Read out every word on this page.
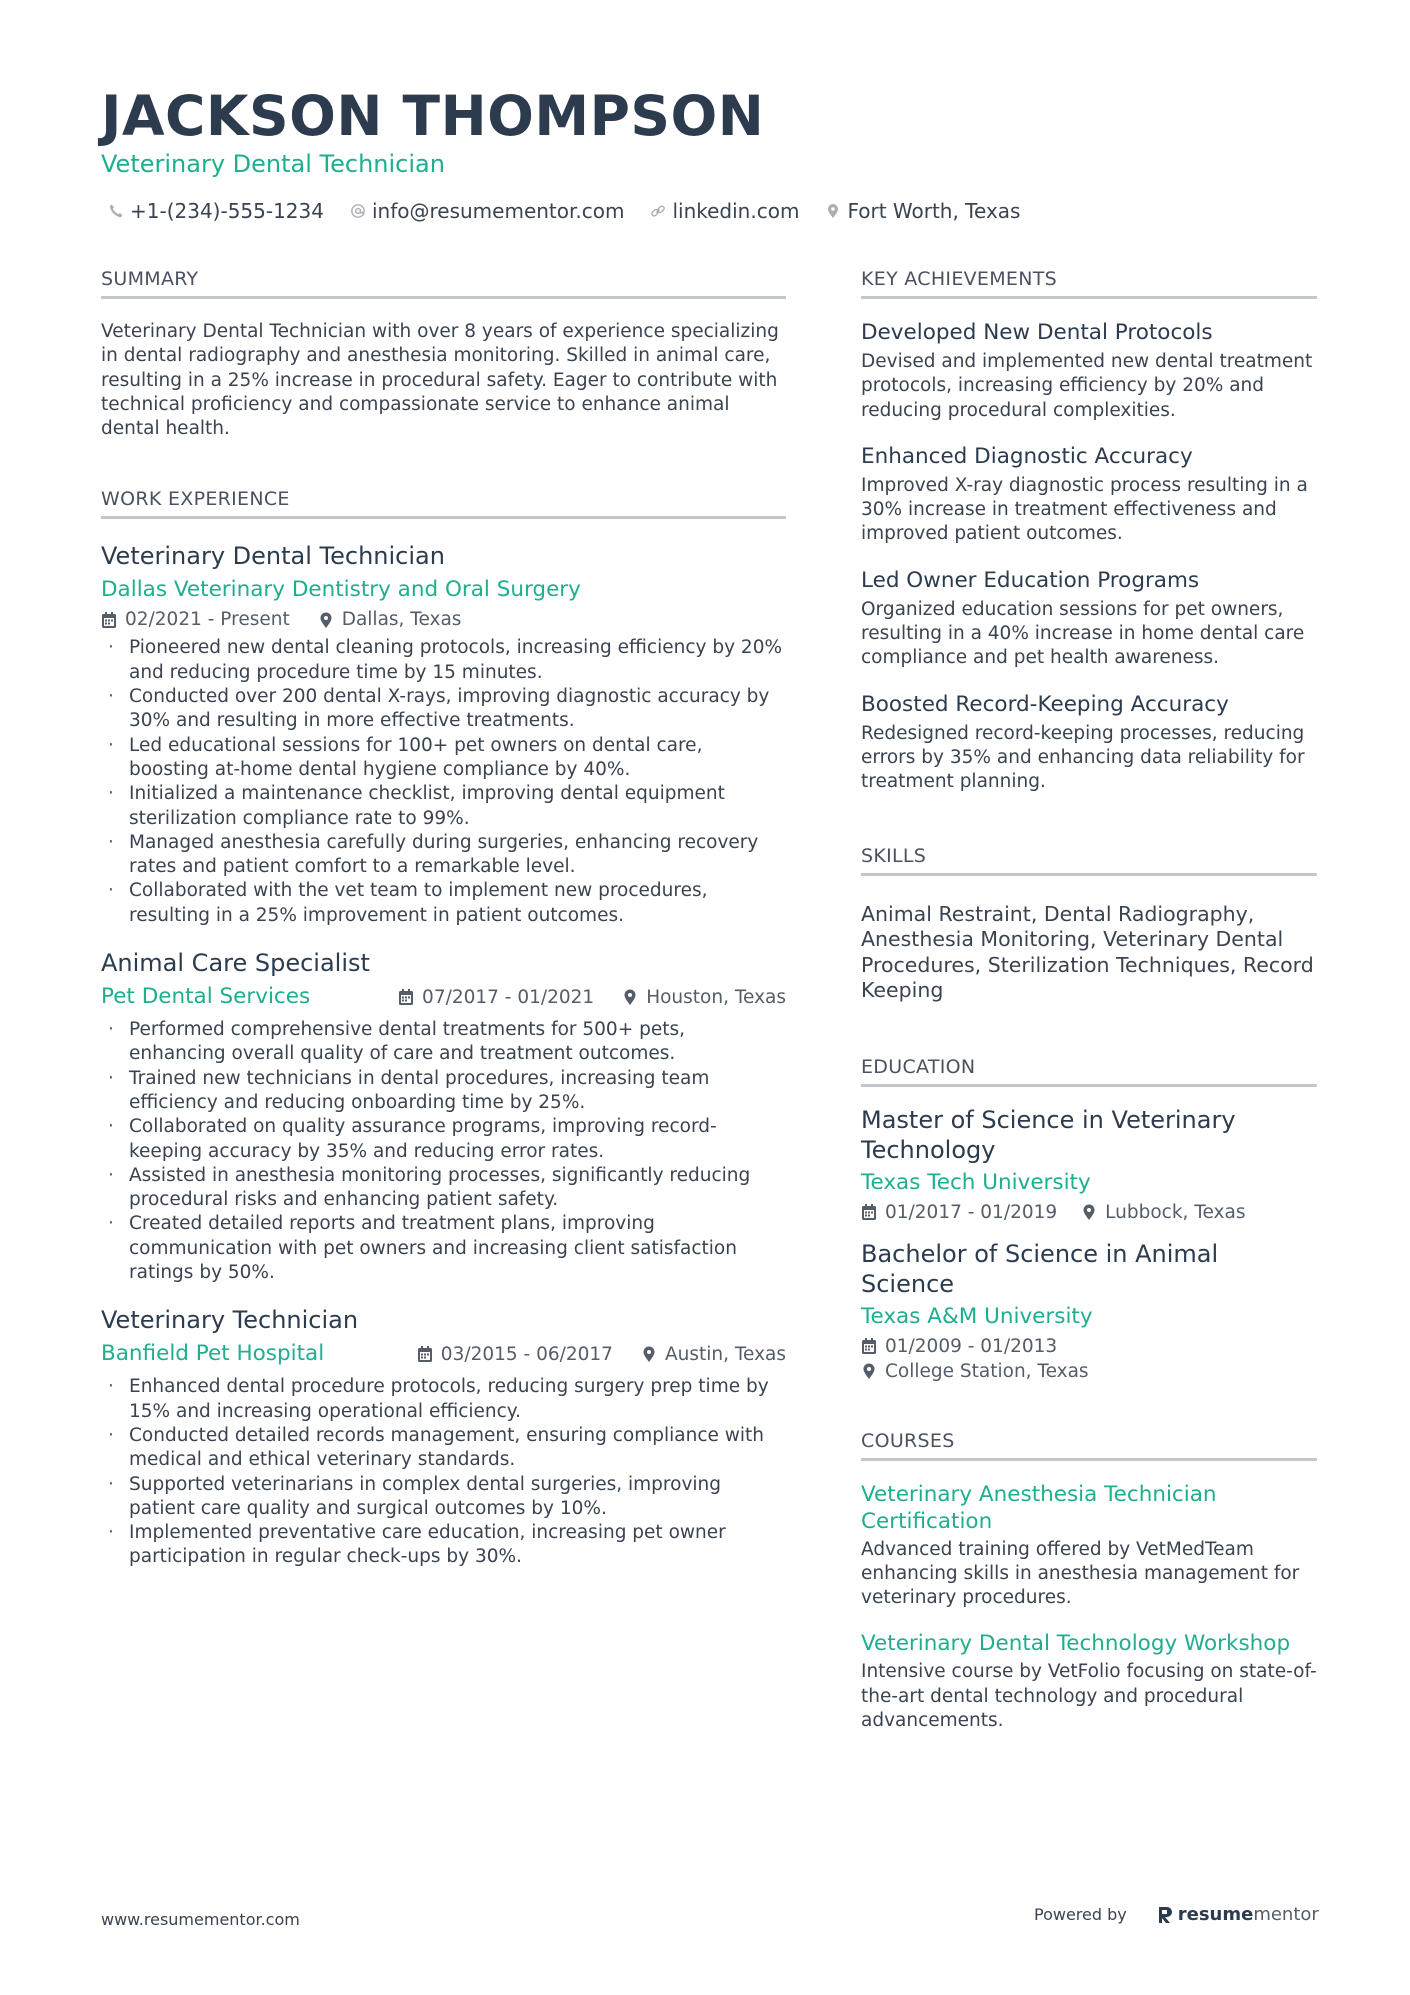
JACKSON THOMPSON
Veterinary Dental Technician
+1-(234)-555-1234 info@resumementor.com linkedin.com Fort Worth, Texas
SUMMARY
Veterinary Dental Technician with over 8 years of experience specializing in dental radiography and anesthesia monitoring. Skilled in animal care, resulting in a 25% increase in procedural safety. Eager to contribute with technical proficiency and compassionate service to enhance animal dental health.
WORK EXPERIENCE
Veterinary Dental Technician
Dallas Veterinary Dentistry and Oral Surgery
02/2021 - Present	Dallas, Texas
· Pioneered new dental cleaning protocols, increasing efficiency by 20% and reducing procedure time by 15 minutes.
· Conducted over 200 dental X-rays, improving diagnostic accuracy by 30% and resulting in more effective treatments.
· Led educational sessions for 100+ pet owners on dental care, boosting at-home dental hygiene compliance by 40%.
· Initialized a maintenance checklist, improving dental equipment sterilization compliance rate to 99%.
· Managed anesthesia carefully during surgeries, enhancing recovery rates and patient comfort to a remarkable level.
· Collaborated with the vet team to implement new procedures, resulting in a 25% improvement in patient outcomes.
Animal Care Specialist
Pet Dental Services	07/2017 - 01/2021	Houston, Texas
· Performed comprehensive dental treatments for 500+ pets, enhancing overall quality of care and treatment outcomes.
· Trained new technicians in dental procedures, increasing team efficiency and reducing onboarding time by 25%.
· Collaborated on quality assurance programs, improving record-keeping accuracy by 35% and reducing error rates.
· Assisted in anesthesia monitoring processes, significantly reducing procedural risks and enhancing patient safety.
· Created detailed reports and treatment plans, improving communication with pet owners and increasing client satisfaction ratings by 50%.
Veterinary Technician
Banfield Pet Hospital	03/2015 - 06/2017	Austin, Texas
· Enhanced dental procedure protocols, reducing surgery prep time by 15% and increasing operational efficiency.
· Conducted detailed records management, ensuring compliance with medical and ethical veterinary standards.
· Supported veterinarians in complex dental surgeries, improving patient care quality and surgical outcomes by 10%.
· Implemented preventative care education, increasing pet owner participation in regular check-ups by 30%.
KEY ACHIEVEMENTS
Developed New Dental Protocols
Devised and implemented new dental treatment protocols, increasing efficiency by 20% and reducing procedural complexities.
Enhanced Diagnostic Accuracy
Improved X-ray diagnostic process resulting in a 30% increase in treatment effectiveness and improved patient outcomes.
Led Owner Education Programs
Organized education sessions for pet owners, resulting in a 40% increase in home dental care compliance and pet health awareness.
Boosted Record-Keeping Accuracy
Redesigned record-keeping processes, reducing errors by 35% and enhancing data reliability for treatment planning.
SKILLS
Animal Restraint, Dental Radiography, Anesthesia Monitoring, Veterinary Dental Procedures, Sterilization Techniques, Record Keeping
EDUCATION
Master of Science in Veterinary Technology
Texas Tech University
01/2017 - 01/2019	Lubbock, Texas
Bachelor of Science in Animal Science
Texas A&M University
01/2009 - 01/2013
College Station, Texas
COURSES
Veterinary Anesthesia Technician Certification
Advanced training offered by VetMedTeam enhancing skills in anesthesia management for veterinary procedures.
Veterinary Dental Technology Workshop
Intensive course by VetFolio focusing on state-of-the-art dental technology and procedural advancements.
www.resumementor.com	Powered by	resume mentor
